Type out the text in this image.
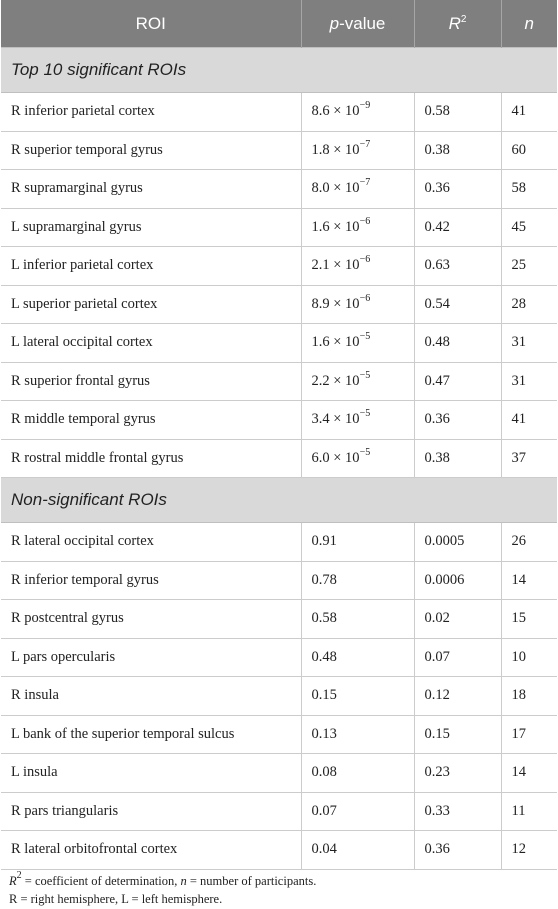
ROI	p-value	$R^2$	n
Top 10 significant ROIs			
R inferior parietal cortex	$8.6 \times 10^{-9}$	0.58	41
R superior temporal gyrus	$1.8 \times 10^{-7}$	0.38	60
R supramarginal gyrus	$8.0 \times 10^{-7}$	0.36	58
L supramarginal gyrus	$1.6 \times 10^{-6}$	0.42	45
L inferior parietal cortex	$2.1 \times 10^{-6}$	0.63	25
L superior parietal cortex	$8.9 \times 10^{-6}$	0.54	28
L lateral occipital cortex	$1.6 \times 10^{-5}$	0.48	31
R superior frontal gyrus	$2.2 \times 10^{-5}$	0.47	31
R middle temporal gyrus	$3.4 \times 10^{-5}$	0.36	41
R rostral middle frontal gyrus	$6.0 \times 10^{-5}$	0.38	37
Non-significant ROIs			
R lateral occipital cortex	0.91	0.0005	26
R inferior temporal gyrus	0.78	0.0006	14
R postcentral gyrus	0.58	0.02	15
L pars opercularis	0.48	0.07	10
R insula	0.15	0.12	18
L bank of the superior temporal sulcus	0.13	0.15	17
L insula	0.08	0.23	14
R pars triangularis	0.07	0.33	11
R lateral orbitofrontal cortex	0.04	0.36	12
$R^2$ = coefficient of determination, n = number of participants.
R = right hemisphere, L = left hemisphere.
